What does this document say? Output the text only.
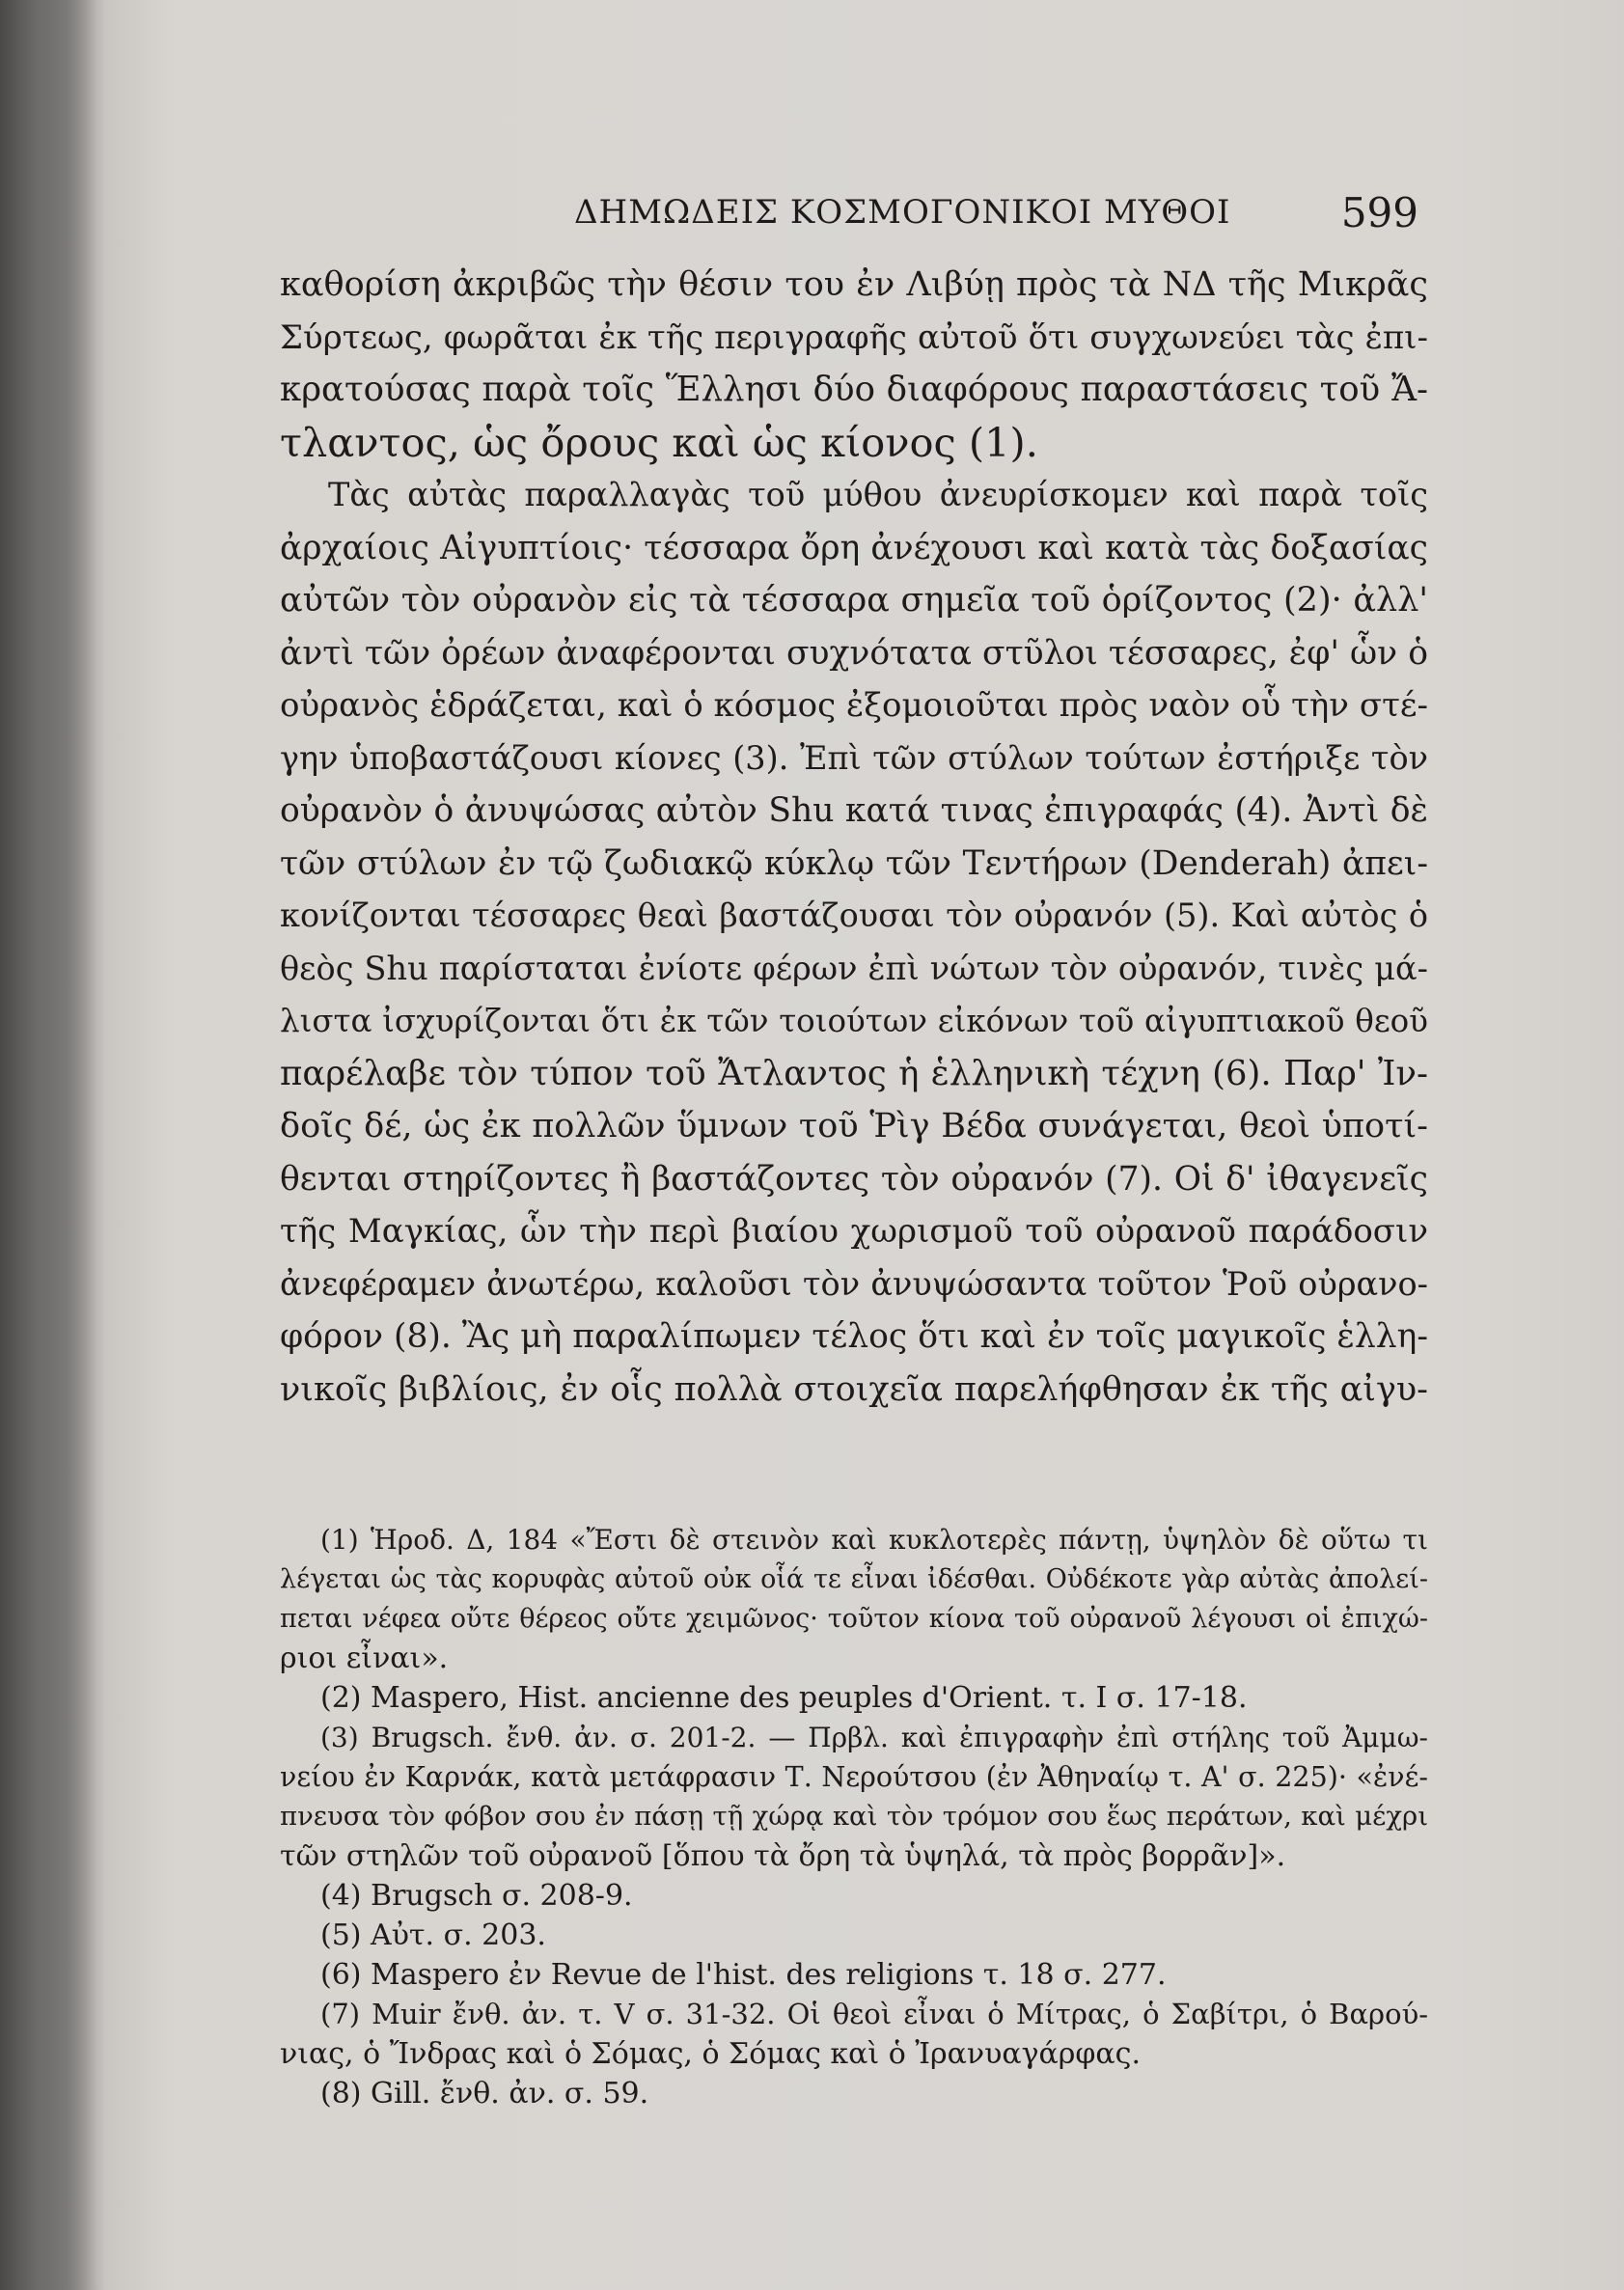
ΔΗΜΩΔΕΙΣ ΚΟΣΜΟΓΟΝΙΚΟΙ ΜΥΘΟΙ	599
καθορίση ἀκριβῶς τὴν θέσιν του ἐν Λιβύῃ πρὸς τὰ ΝΔ τῆς Μικρᾶς
Σύρτεως, φωρᾶται ἐκ τῆς περιγραφῆς αὐτοῦ ὅτι συγχωνεύει τὰς ἐπι-
κρατούσας παρὰ τοῖς Ἕλλησι δύο διαφόρους παραστάσεις τοῦ Ἄ-
τλαντος, ὡς ὄρους καὶ ὡς κίονος (1).
Τὰς αὐτὰς παραλλαγὰς τοῦ μύθου ἀνευρίσκομεν καὶ παρὰ τοῖς
ἀρχαίοις Αἰγυπτίοις· τέσσαρα ὄρη ἀνέχουσι καὶ κατὰ τὰς δοξασίας
αὐτῶν τὸν οὐρανὸν εἰς τὰ τέσσαρα σημεῖα τοῦ ὁρίζοντος (2)· ἀλλ'
ἀντὶ τῶν ὀρέων ἀναφέρονται συχνότατα στῦλοι τέσσαρες, ἐφ' ὧν ὁ
οὐρανὸς ἑδράζεται, καὶ ὁ κόσμος ἐξομοιοῦται πρὸς ναὸν οὗ τὴν στέ-
γην ὑποβαστάζουσι κίονες (3). Ἐπὶ τῶν στύλων τούτων ἐστήριξε τὸν
οὐρανὸν ὁ ἀνυψώσας αὐτὸν Shu κατά τινας ἐπιγραφάς (4). Ἀντὶ δὲ
τῶν στύλων ἐν τῷ ζωδιακῷ κύκλῳ τῶν Τεντήρων (Denderah) ἀπει-
κονίζονται τέσσαρες θεαὶ βαστάζουσαι τὸν οὐρανόν (5). Καὶ αὐτὸς ὁ
θεὸς Shu παρίσταται ἐνίοτε φέρων ἐπὶ νώτων τὸν οὐρανόν, τινὲς μά-
λιστα ἰσχυρίζονται ὅτι ἐκ τῶν τοιούτων εἰκόνων τοῦ αἰγυπτιακοῦ θεοῦ
παρέλαβε τὸν τύπον τοῦ Ἄτλαντος ἡ ἑλληνικὴ τέχνη (6). Παρ' Ἰν-
δοῖς δέ, ὡς ἐκ πολλῶν ὕμνων τοῦ Ῥὶγ Βέδα συνάγεται, θεοὶ ὑποτί-
θενται στηρίζοντες ἢ βαστάζοντες τὸν οὐρανόν (7). Οἱ δ' ἰθαγενεῖς
τῆς Μαγκίας, ὧν τὴν περὶ βιαίου χωρισμοῦ τοῦ οὐρανοῦ παράδοσιν
ἀνεφέραμεν ἀνωτέρω, καλοῦσι τὸν ἀνυψώσαντα τοῦτον Ῥοῦ οὐρανο-
φόρον (8). Ἂς μὴ παραλίπωμεν τέλος ὅτι καὶ ἐν τοῖς μαγικοῖς ἑλλη-
νικοῖς βιβλίοις, ἐν οἷς πολλὰ στοιχεῖα παρελήφθησαν ἐκ τῆς αἰγυ-
(1) Ἡροδ. Δ, 184 «Ἔστι δὲ στεινὸν καὶ κυκλοτερὲς πάντῃ, ὑψηλὸν δὲ οὕτω τι
λέγεται ὡς τὰς κορυφὰς αὐτοῦ οὐκ οἷά τε εἶναι ἰδέσθαι. Οὐδέκοτε γὰρ αὐτὰς ἀπολεί-
πεται νέφεα οὔτε θέρεος οὔτε χειμῶνος· τοῦτον κίονα τοῦ οὐρανοῦ λέγουσι οἱ ἐπιχώ-
ριοι εἶναι».
(2) Maspero, Hist. ancienne des peuples d'Orient. τ. I σ. 17-18.
(3) Brugsch. ἔνθ. ἀν. σ. 201-2. — Πρβλ. καὶ ἐπιγραφὴν ἐπὶ στήλης τοῦ Ἀμμω-
νείου ἐν Καρνάκ, κατὰ μετάφρασιν Τ. Νερούτσου (ἐν Ἀθηναίῳ τ. Α' σ. 225)· «ἐνέ-
πνευσα τὸν φόβον σου ἐν πάσῃ τῇ χώρᾳ καὶ τὸν τρόμον σου ἕως περάτων, καὶ μέχρι
τῶν στηλῶν τοῦ οὐρανοῦ [ὅπου τὰ ὄρη τὰ ὑψηλά, τὰ πρὸς βορρᾶν]».
(4) Brugsch σ. 208-9.
(5) Αὐτ. σ. 203.
(6) Maspero ἐν Revue de l'hist. des religions τ. 18 σ. 277.
(7) Muir ἔνθ. ἀν. τ. V σ. 31-32. Οἱ θεοὶ εἶναι ὁ Μίτρας, ὁ Σαβίτρι, ὁ Βαρού-
νιας, ὁ Ἴνδρας καὶ ὁ Σόμας, ὁ Σόμας καὶ ὁ Ἰρανυαγάρφας.
(8) Gill. ἔνθ. ἀν. σ. 59.
